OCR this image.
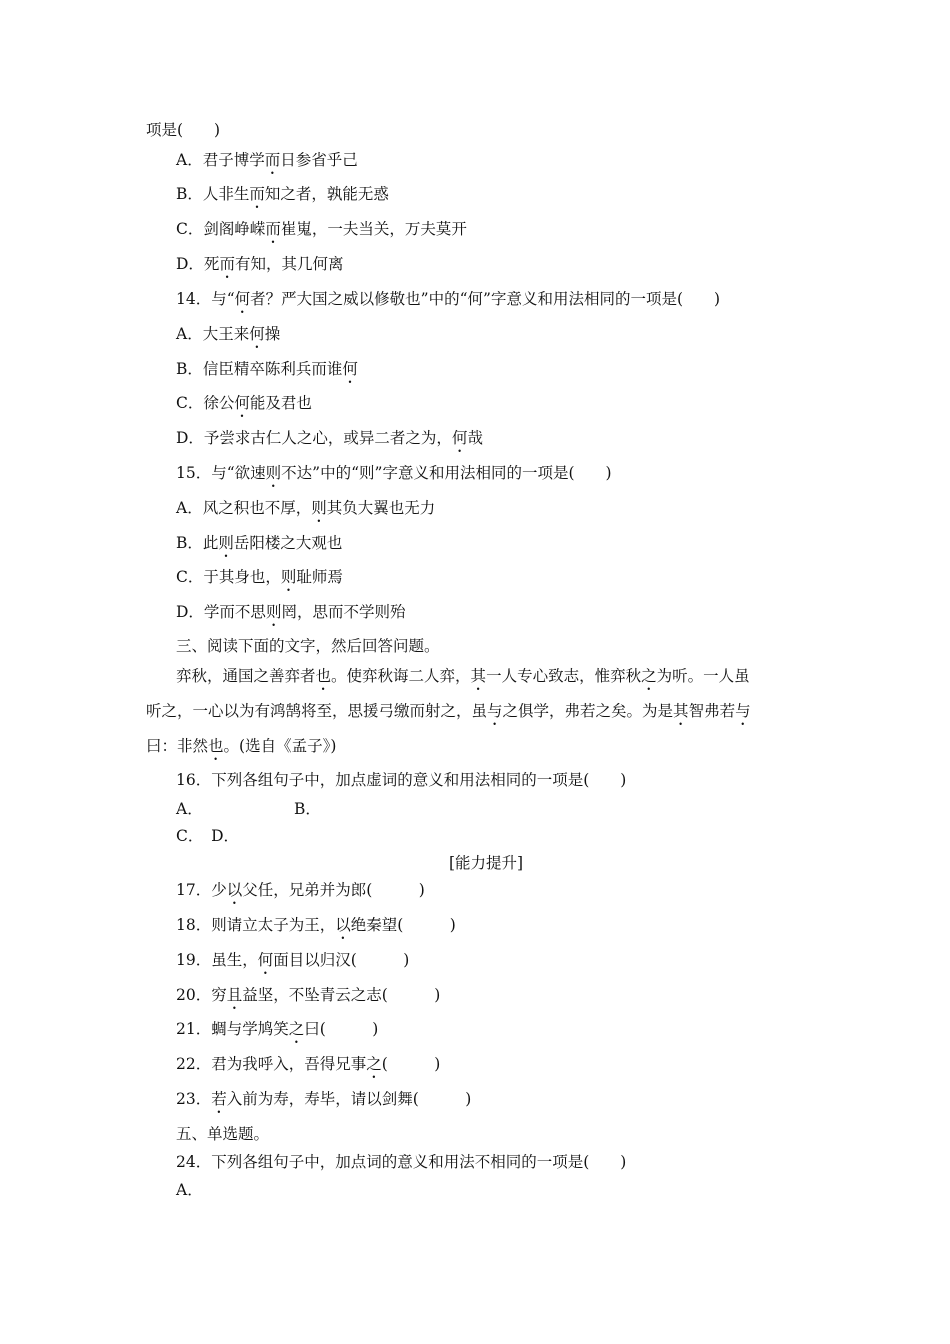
项是(　　)
A．君子博学而日参省乎己
B．人非生而知之者，孰能无惑
C．剑阁峥嵘而崔嵬，一夫当关，万夫莫开
D．死而有知，其几何离
14．与“何者？严大国之威以修敬也”中的“何”字意义和用法相同的一项是(　　)
A．大王来何操
B．信臣精卒陈利兵而谁何
C．徐公何能及君也
D．予尝求古仁人之心，或异二者之为，何哉
15．与“欲速则不达”中的“则”字意义和用法相同的一项是(　　)
A．风之积也不厚，则其负大翼也无力
B．此则岳阳楼之大观也
C．于其身也，则耻师焉
D．学而不思则罔，思而不学则殆
三、阅读下面的文字，然后回答问题。
弈秋，通国之善弈者也。使弈秋诲二人弈，其一人专心致志，惟弈秋之为听。一人虽
听之，一心以为有鸿鹄将至，思援弓缴而射之，虽与之俱学，弗若之矣。为是其智弗若与
曰：非然也。(选自《孟子》)
16．下列各组句子中，加点虚词的意义和用法相同的一项是(　　)
A．	B．
C．　D．
[能力提升]
17．少以父任，兄弟并为郎(　　　)
18．则请立太子为王，以绝秦望(　　　)
19．虽生，何面目以归汉(　　　)
20．穷且益坚，不坠青云之志(　　　)
21．蜩与学鸠笑之曰(　　　)
22．君为我呼入，吾得兄事之(　　　)
23．若入前为寿，寿毕，请以剑舞(　　　)
五、单选题。
24．下列各组句子中，加点词的意义和用法不相同的一项是(　　)
A．
